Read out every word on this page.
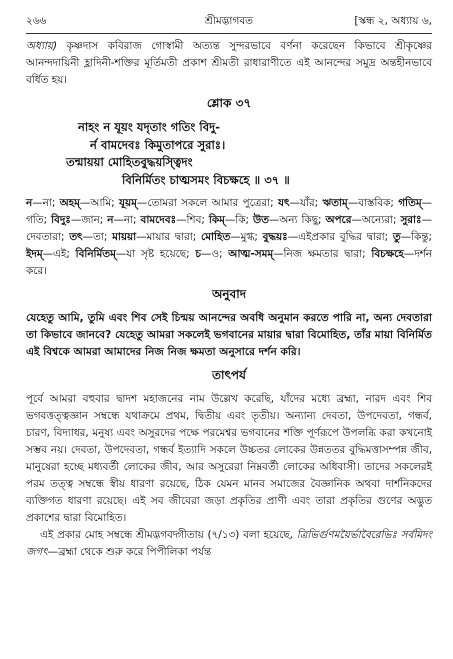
২৬৬	শ্রীমদ্ভাগবত	[স্কন্ধ ২, অধ্যায় ৬,

অধ্যায়) কৃষ্ণদাস কবিরাজ গোস্বামী অত্যন্ত সুন্দরভাবে বর্ণনা করেছেন কিভাবে শ্রীকৃষ্ণের আনন্দদায়িনী হ্লাদিনী-শক্তির মূর্তিমতী প্রকাশ শ্রীমতী রাধারাণীতে এই আনন্দের সমুদ্র অন্তহীনভাবে বর্ধিত হয়।

শ্লোক ৩৭
নাহং ন যূয়ং যদৃতাং গতিং বিদু-
র্ন বামদেবঃ কিমুতাপরে সুরাঃ।
তন্মায়য়া মোহিতবুদ্ধয়স্ত্বিদং
বিনির্মিতং চাত্মসমং বিচক্ষহে ॥ ৩৭ ॥

ন—না; অহম্—আমি; যূয়ম্—তোমরা সকলে আমার পুত্রেরা; যৎ—যাঁর; ঋতাম্—বাস্তবিক; গতিম্—গতি; বিদুঃ—জান; ন—না; বামদেবঃ—শিব; কিম্—কি; উত—অন্য কিছু; অপরে—অন্যেরা; সুরাঃ—দেবতারা; তৎ—তা; মায়য়া—মায়ার দ্বারা; মোহিত—মুগ্ধ; বুদ্ধয়ঃ—এইপ্রকার বুদ্ধির দ্বারা; তু—কিন্তু; ইদম্—এই; বিনির্মিতম্—যা সৃষ্ট হয়েছে; চ—ও; আত্ম-সমম্—নিজ ক্ষমতার দ্বারা; বিচক্ষহে—দর্শন করে।

অনুবাদ

যেহেতু আমি, তুমি এবং শিব সেই চিন্ময় আনন্দের অবধি অনুমান করতে পারি না, অন্য দেবতারা তা কিভাবে জানবে? যেহেতু আমরা সকলেই ভগবানের মায়ার দ্বারা বিমোহিত, তাঁর মায়া বিনির্মিত এই বিশ্বকে আমরা আমাদের নিজ নিজ ক্ষমতা অনুসারে দর্শন করি।

তাৎপর্য

পূর্বে আমরা বহুবার দ্বাদশ মহাজনের নাম উল্লেখ করেছি, যাঁদের মধ্যে ব্রহ্মা, নারদ এবং শিব ভগবত্তত্ত্বজ্ঞান সম্বন্ধে যথাক্রমে প্রথম, দ্বিতীয় এবং তৃতীয়। অন্যান্য দেবতা, উপদেবতা, গন্ধর্ব, চারণ, বিদ্যাধর, মনুষ্য এবং অসুরদের পক্ষে পরমেশ্বর ভগবানের শক্তি পূর্ণরূপে উপলব্ধি করা কখনোই সম্ভব নয়। দেবতা, উপদেবতা, গন্ধর্ব ইত্যাদি সকলে উচ্চতর লোকের উন্নততর বুদ্ধিমত্তাসম্পন্ন জীব, মানুষেরা হচ্ছে মধ্যবর্তী লোকের জীব, আর অসুরেরা নিম্নবর্তী লোকের অধিবাসী। তাদের সকলেরই পরম তত্ত্ব সম্বন্ধে স্বীয় ধারণা রয়েছে, ঠিক যেমন মানব সমাজের বৈজ্ঞানিক অথবা দার্শনিকদের ব্যক্তিগত ধারণা রয়েছে। এই সব জীবেরা জড়া প্রকৃতির প্রাণী এবং তারা প্রকৃতির গুণের অদ্ভুত প্রকাশের দ্বারা বিমোহিত।

এই প্রকার মোহ সম্বন্ধে শ্রীমদ্ভগবদ্গীতায় (৭/১৩) বলা হয়েছে, ত্রিভির্গুণময়ৈর্ভাবৈরেভিঃ সর্বমিদং জগৎ—ব্রহ্মা থেকে শুরু করে পিপীলিকা পর্যন্ত
